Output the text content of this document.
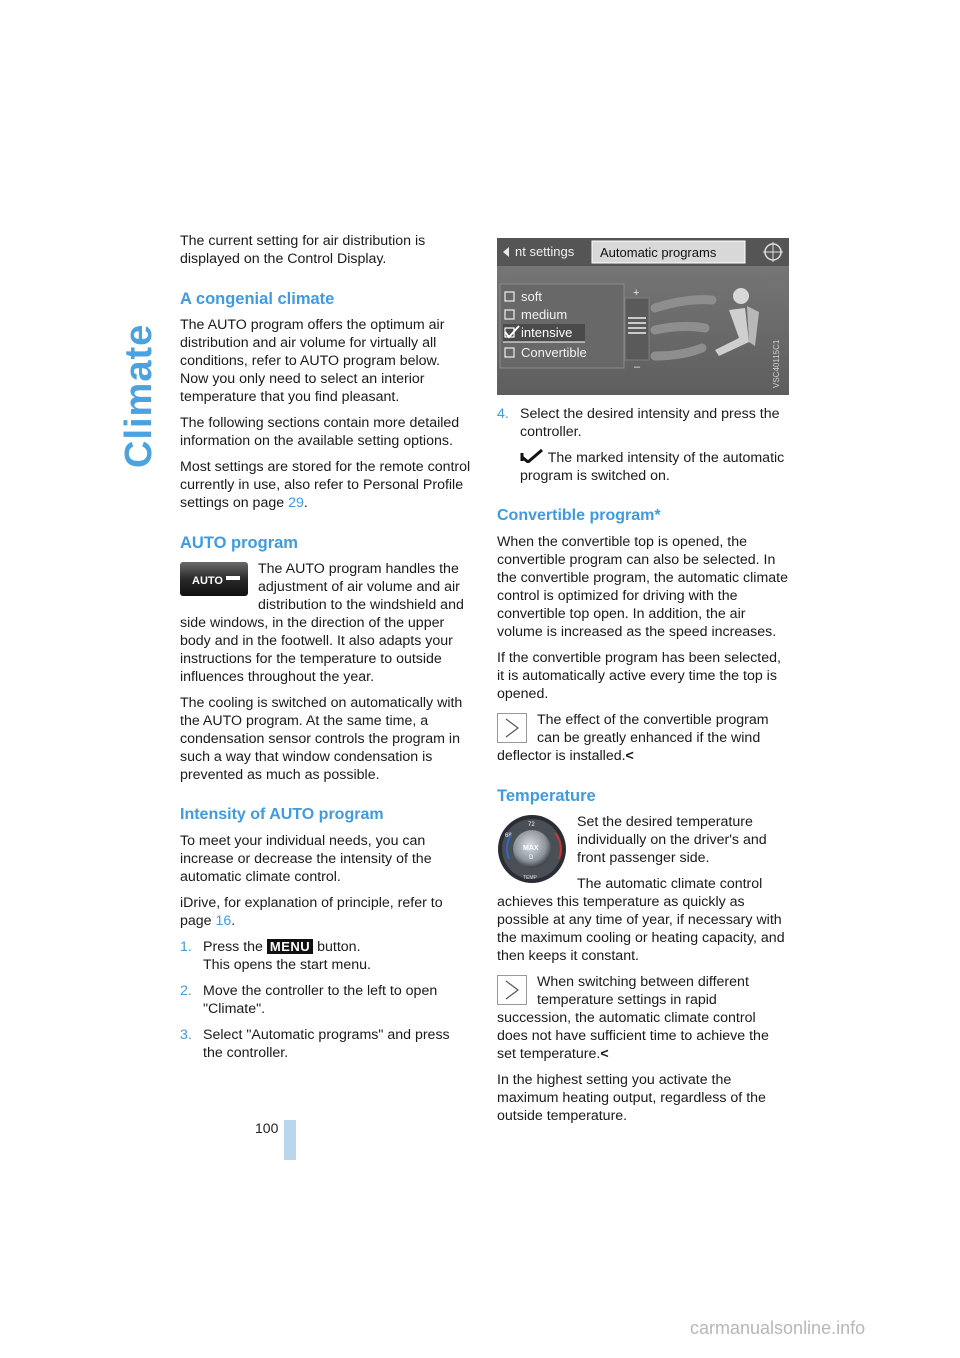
Climate

The current setting for air distribution is displayed on the Control Display.

A congenial climate

The AUTO program offers the optimum air distribution and air volume for virtually all conditions, refer to AUTO program below. Now you only need to select an interior temperature that you find pleasant.

The following sections contain more detailed information on the available setting options.

Most settings are stored for the remote control currently in use, also refer to Personal Profile settings on page 29.

AUTO program

AUTO
The AUTO program handles the adjustment of air volume and air distribution to the windshield and side windows, in the direction of the upper body and in the footwell. It also adapts your instructions for the temperature to outside influences throughout the year.

The cooling is switched on automatically with the AUTO program. At the same time, a condensation sensor controls the program in such a way that window condensation is prevented as much as possible.

Intensity of AUTO program

To meet your individual needs, you can increase or decrease the intensity of the automatic climate control.

iDrive, for explanation of principle, refer to page 16.

1. Press the MENU button.
This opens the start menu.
2. Move the controller to the left to open "Climate".
3. Select "Automatic programs" and press the controller.
nt settings Automatic programs
soft
medium
intensive
Convertible
+
–	VSC40115C1
4. Select the desired intensity and press the controller.
The marked intensity of the automatic program is switched on.
Convertible program*

When the convertible top is opened, the convertible program can also be selected. In the convertible program, the automatic climate control is optimized for driving with the convertible top open. In addition, the air volume is increased as the speed increases.

If the convertible program has been selected, it is automatically active every time the top is opened.

The effect of the convertible program can be greatly enhanced if the wind deflector is installed.<

Temperature

72
68
MAX
D
TEMP
Set the desired temperature individually on the driver's and front passenger side.

The automatic climate control achieves this temperature as quickly as possible at any time of year, if necessary with the maximum cooling or heating capacity, and then keeps it constant.

When switching between different temperature settings in rapid succession, the automatic climate control does not have sufficient time to achieve the set temperature.<

In the highest setting you activate the maximum heating output, regardless of the outside temperature.

100
carmanualsonline.info
